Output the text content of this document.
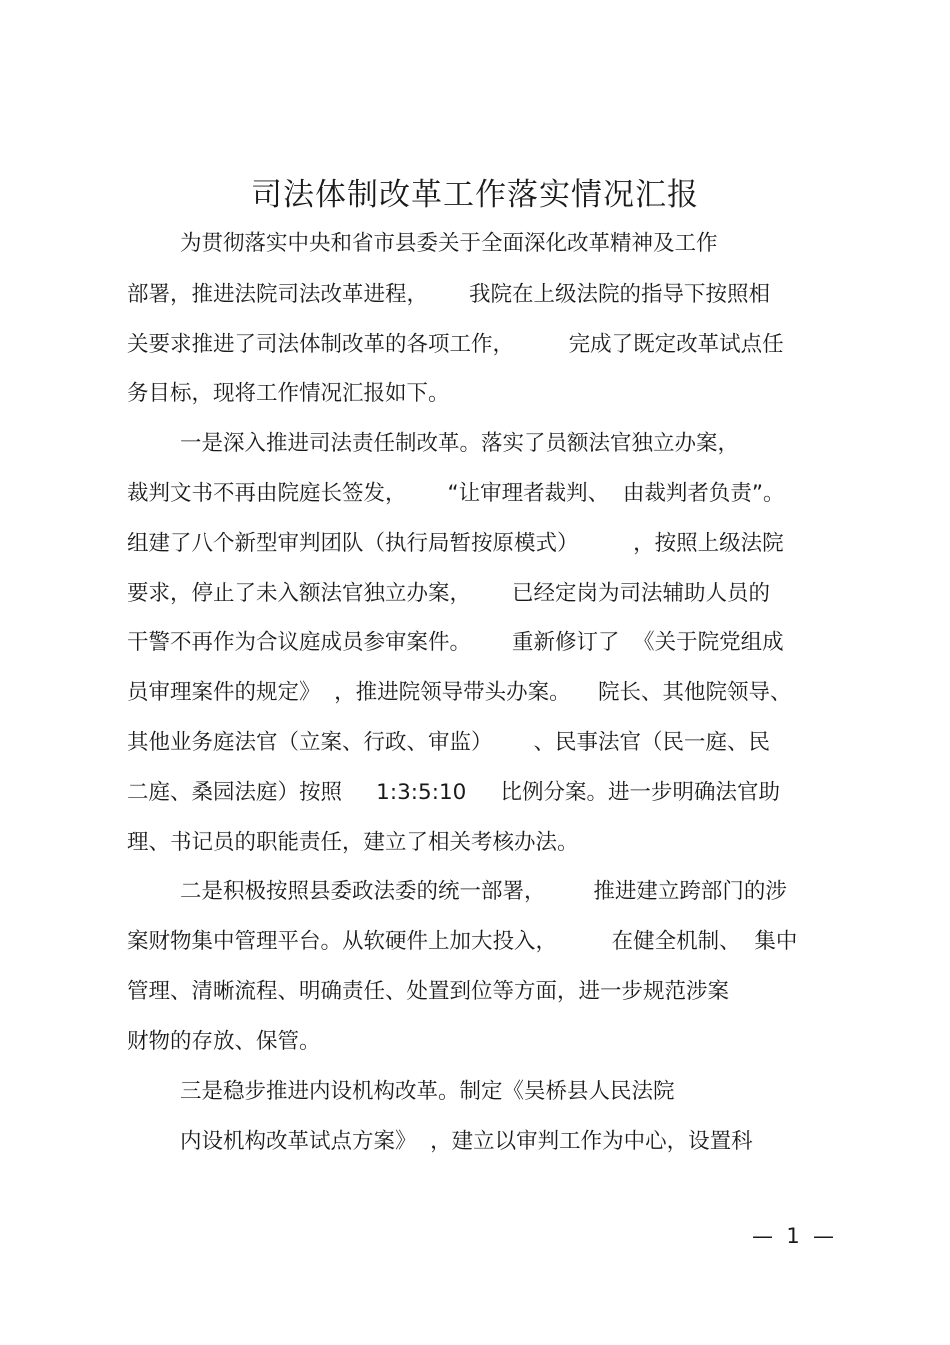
司法体制改革工作落实情况汇报

为贯彻落实中央和省市县委关于全面深化改革精神及工作

部署，推进法院司法改革进程，      我院在上级法院的指导下按照相

关要求推进了司法体制改革的各项工作，        完成了既定改革试点任

务目标，现将工作情况汇报如下。

一是深入推进司法责任制改革。落实了员额法官独立办案，

裁判文书不再由院庭长签发，      “让审理者裁判、  由裁判者负责”。

组建了八个新型审判团队（执行局暂按原模式）        ，按照上级法院

要求，停止了未入额法官独立办案，      已经定岗为司法辅助人员的

干警不再作为合议庭成员参审案件。      重新修订了  《关于院党组成

员审理案件的规定》  ，推进院领导带头办案。    院长、其他院领导、

其他业务庭法官（立案、行政、审监）      、民事法官（民一庭、民

二庭、桑园法庭）按照     1:3:5:10     比例分案。进一步明确法官助

理、书记员的职能责任，建立了相关考核办法。

二是积极按照县委政法委的统一部署，       推进建立跨部门的涉

案财物集中管理平台。从软硬件上加大投入，        在健全机制、  集中

管理、清晰流程、明确责任、处置到位等方面，进一步规范涉案

财物的存放、保管。

三是稳步推进内设机构改革。制定《吴桥县人民法院

内设机构改革试点方案》  ，建立以审判工作为中心，设置科

—  1  —
